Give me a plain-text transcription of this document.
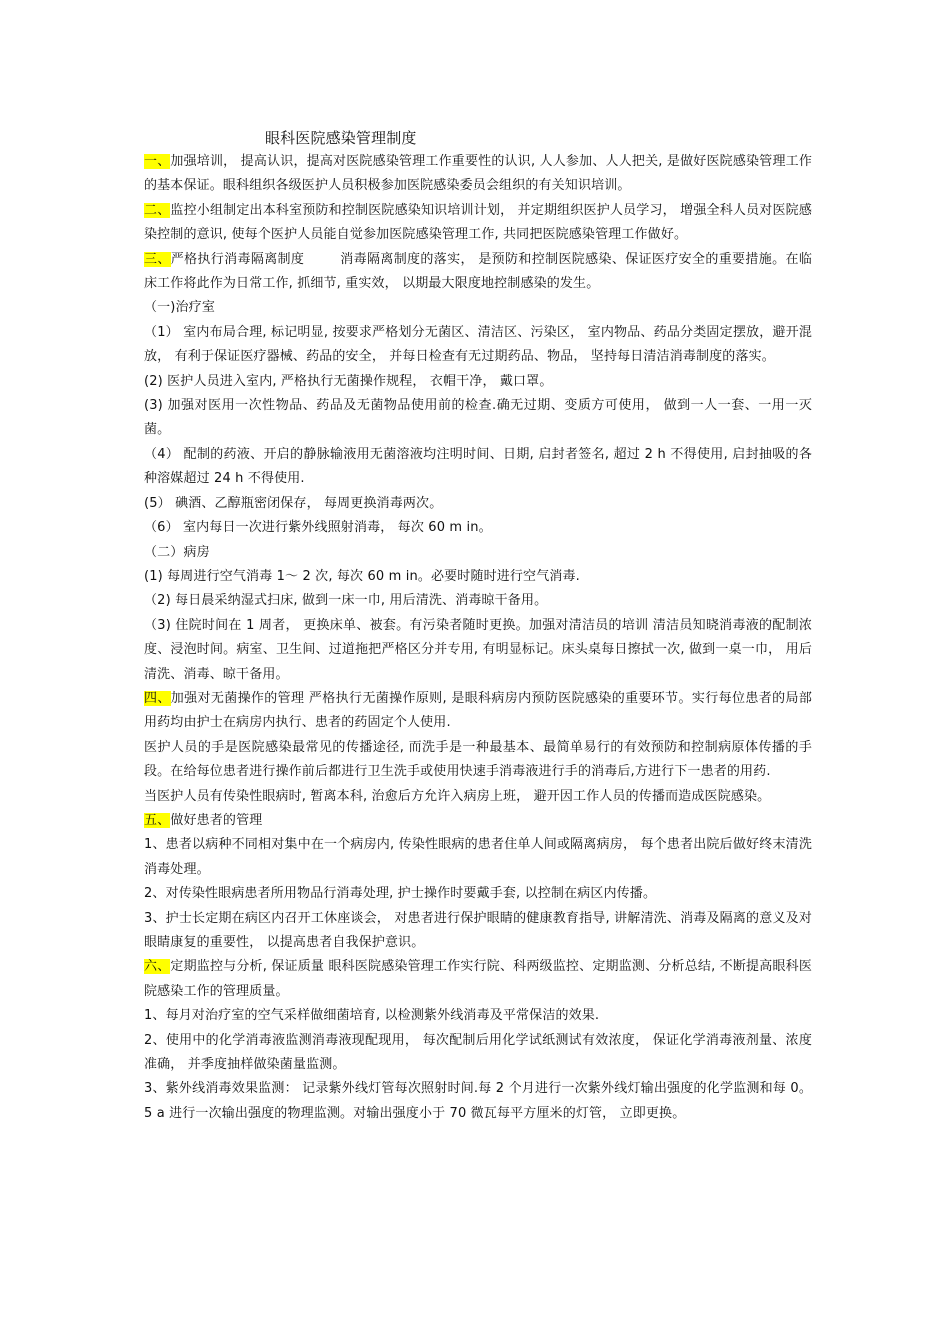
眼科医院感染管理制度

一、加强培训， 提高认识，提高对医院感染管理工作重要性的认识, 人人参加、人人把关, 是做好医院感染管理工作的基本保证。眼科组织各级医护人员积极参加医院感染委员会组织的有关知识培训。

二、监控小组制定出本科室预防和控制医院感染知识培训计划， 并定期组织医护人员学习， 增强全科人员对医院感染控制的意识, 使每个医护人员能自觉参加医院感染管理工作, 共同把医院感染管理工作做好。

三、严格执行消毒隔离制度	消毒隔离制度的落实， 是预防和控制医院感染、保证医疗安全的重要措施。在临床工作将此作为日常工作, 抓细节, 重实效， 以期最大限度地控制感染的发生。

（一)治疗室

（1） 室内布局合理, 标记明显, 按要求严格划分无菌区、清洁区、污染区， 室内物品、药品分类固定摆放，避开混放， 有利于保证医疗器械、药品的安全， 并每日检查有无过期药品、物品， 坚持每日清洁消毒制度的落实。

(2) 医护人员进入室内, 严格执行无菌操作规程， 衣帽干净， 戴口罩。

(3) 加强对医用一次性物品、药品及无菌物品使用前的检查.确无过期、变质方可使用， 做到一人一套、一用一灭菌。

（4） 配制的药液、开启的静脉输液用无菌溶液均注明时间、日期, 启封者签名, 超过 2 h 不得使用, 启封抽吸的各种溶媒超过 24 h 不得使用.

(5） 碘酒、乙醇瓶密闭保存， 每周更换消毒两次。

（6） 室内每日一次进行紫外线照射消毒， 每次 60 m in。

（二）病房

(1) 每周进行空气消毒 1～ 2 次, 每次 60 m in。必要时随时进行空气消毒.

（2) 每日晨采纳湿式扫床, 做到一床一巾, 用后清洗、消毒晾干备用。

（3) 住院时间在 1 周者， 更换床单、被套。有污染者随时更换。加强对清洁员的培训 清洁员知晓消毒液的配制浓度、浸泡时间。病室、卫生间、过道拖把严格区分并专用, 有明显标记。床头桌每日擦拭一次, 做到一桌一巾， 用后清洗、消毒、晾干备用。

四、加强对无菌操作的管理 严格执行无菌操作原则, 是眼科病房内预防医院感染的重要环节。实行每位患者的局部用药均由护士在病房内执行、患者的药固定个人使用.

医护人员的手是医院感染最常见的传播途径, 而洗手是一种最基本、最简单易行的有效预防和控制病原体传播的手段。在给每位患者进行操作前后都进行卫生洗手或使用快速手消毒液进行手的消毒后,方进行下一患者的用药.

当医护人员有传染性眼病时, 暂离本科, 治愈后方允许入病房上班， 避开因工作人员的传播而造成医院感染。

五、做好患者的管理

1、患者以病种不同相对集中在一个病房内, 传染性眼病的患者住单人间或隔离病房， 每个患者出院后做好终末清洗消毒处理。

2、对传染性眼病患者所用物品行消毒处理, 护士操作时要戴手套, 以控制在病区内传播。

3、护士长定期在病区内召开工休座谈会， 对患者进行保护眼睛的健康教育指导, 讲解清洗、消毒及隔离的意义及对眼睛康复的重要性， 以提高患者自我保护意识。

六、定期监控与分析, 保证质量 眼科医院感染管理工作实行院、科两级监控、定期监测、分析总结, 不断提高眼科医院感染工作的管理质量。

1、每月对治疗室的空气采样做细菌培育, 以检测紫外线消毒及平常保洁的效果.

2、使用中的化学消毒液监测消毒液现配现用， 每次配制后用化学试纸测试有效浓度， 保证化学消毒液剂量、浓度准确， 并季度抽样做染菌量监测。

3、紫外线消毒效果监测： 记录紫外线灯管每次照射时间.每 2 个月进行一次紫外线灯输出强度的化学监测和每 0。 5 a 进行一次输出强度的物理监测。对输出强度小于 70 微瓦每平方厘米的灯管， 立即更换。
